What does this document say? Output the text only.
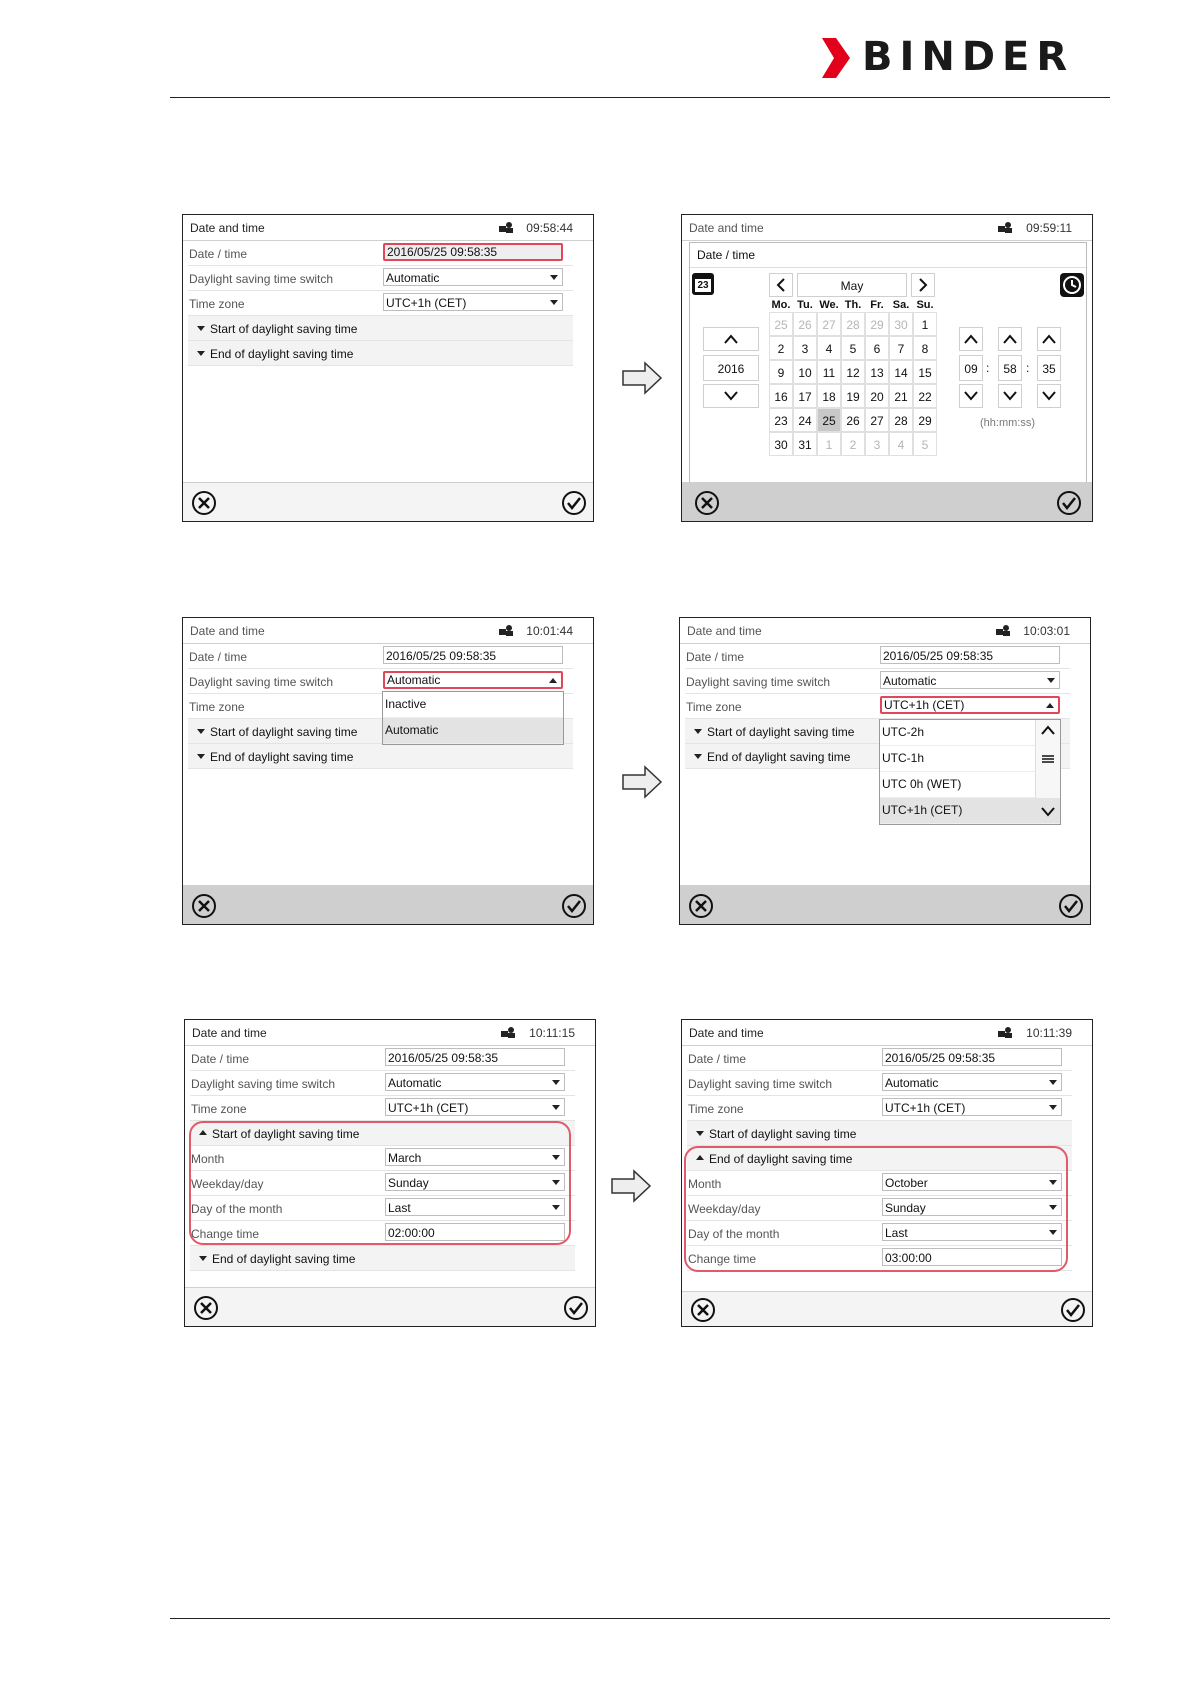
BINDER
Date and time	09:58:44
Date / time	2016/05/25 09:58:35
Daylight saving time switch	Automatic
Time zone	UTC+1h (CET)
Start of daylight saving time
End of daylight saving time
Date and time	09:59:11
Date / time
23
2016
May
Mo. Tu. We. Th. Fr. Sa. Su.
25 26 27 28 29 30	1
2	3	4	5	6	7	8
9	10 11 12 13 14 15
16 17 18 19 20 21 22
23 24 25 26 27 28 29
30 31	1	2	3	4	5
09 :	58 :	35
(hh:mm:ss)
Date and time	10:01:44
Date / time	2016/05/25 09:58:35
Daylight saving time switch	Automatic
Time zone
Start of daylight saving time
End of daylight saving time
Inactive
Automatic
Date and time	10:03:01
Date / time	2016/05/25 09:58:35
Daylight saving time switch	Automatic
Time zone	UTC+1h (CET)
Start of daylight saving time
End of daylight saving time
UTC-2h
UTC-1h
UTC 0h (WET)
UTC+1h (CET)
Date and time	10:11:15
Date / time	2016/05/25 09:58:35
Daylight saving time switch	Automatic
Time zone	UTC+1h (CET)
Start of daylight saving time
Month	March
Weekday/day	Sunday
Day of the month	Last
Change time	02:00:00
End of daylight saving time
Date and time	10:11:39
Date / time	2016/05/25 09:58:35
Daylight saving time switch	Automatic
Time zone	UTC+1h (CET)
Start of daylight saving time
End of daylight saving time
Month	October
Weekday/day	Sunday
Day of the month	Last
Change time	03:00:00
